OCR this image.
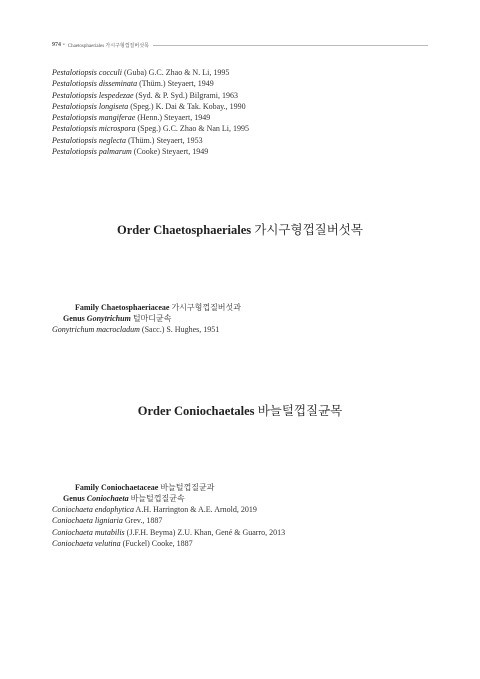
974 • Chaetosphaeriales 가시구형껍질버섯목
Pestalotiopsis cocculi (Guba) G.C. Zhao & N. Li, 1995
Pestalotiopsis disseminata (Thüm.) Steyaert, 1949
Pestalotiopsis lespedezae (Syd. & P. Syd.) Bilgrami, 1963
Pestalotiopsis longiseta (Speg.) K. Dai & Tak. Kobay., 1990
Pestalotiopsis mangiferae (Henn.) Steyaert, 1949
Pestalotiopsis microspora (Speg.) G.C. Zhao & Nan Li, 1995
Pestalotiopsis neglecta (Thüm.) Steyaert, 1953
Pestalotiopsis palmarum (Cooke) Steyaert, 1949
Order Chaetosphaeriales 가시구형껍질버섯목
Family Chaetosphaeriaceae 가시구형껍질버섯과
Genus Gonytrichum 털마디균속
Gonytrichum macrocladum (Sacc.) S. Hughes, 1951
Order Coniochaetales 바늘털껍질균목
Family Coniochaetaceae 바늘털껍질균과
Genus Coniochaeta 바늘털껍질균속
Coniochaeta endophytica A.H. Harrington & A.E. Arnold, 2019
Coniochaeta ligniaria Grev., 1887
Coniochaeta mutabilis (J.F.H. Beyma) Z.U. Khan, Gené & Guarro, 2013
Coniochaeta velutina (Fuckel) Cooke, 1887
